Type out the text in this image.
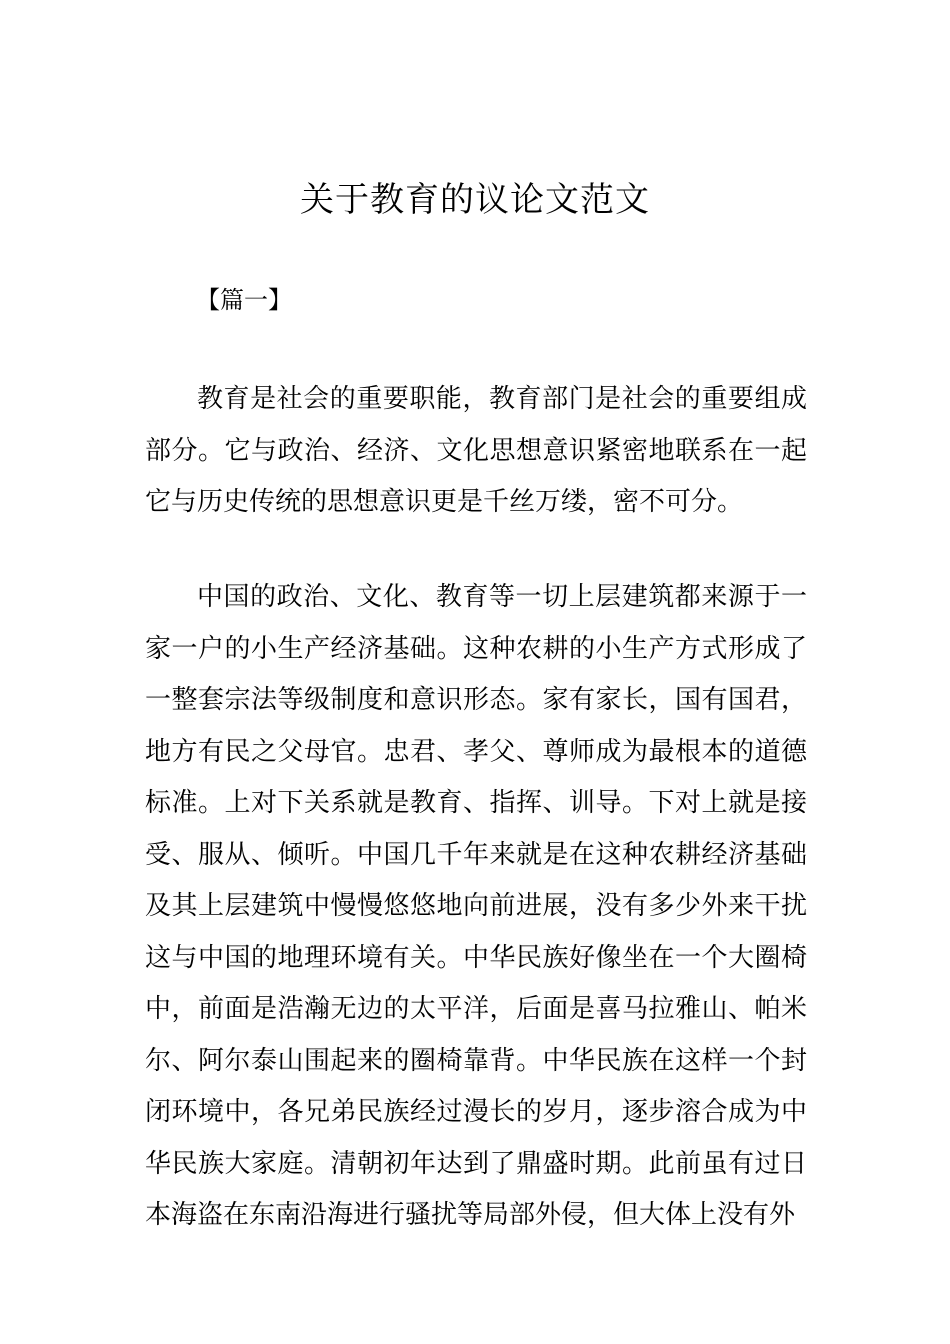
关于教育的议论文范文
【篇一】

教育是社会的重要职能，教育部门是社会的重要组成部分。它与政治、经济、文化思想意识紧密地联系在一起它与历史传统的思想意识更是千丝万缕，密不可分。

中国的政治、文化、教育等一切上层建筑都来源于一家一户的小生产经济基础。这种农耕的小生产方式形成了一整套宗法等级制度和意识形态。家有家长，国有国君，地方有民之父母官。忠君、孝父、尊师成为最根本的道德标准。上对下关系就是教育、指挥、训导。下对上就是接受、服从、倾听。中国几千年来就是在这种农耕经济基础及其上层建筑中慢慢悠悠地向前进展，没有多少外来干扰这与中国的地理环境有关。中华民族好像坐在一个大圈椅中，前面是浩瀚无边的太平洋，后面是喜马拉雅山、帕米尔、阿尔泰山围起来的圈椅靠背。中华民族在这样一个封闭环境中，各兄弟民族经过漫长的岁月，逐步溶合成为中华民族大家庭。清朝初年达到了鼎盛时期。此前虽有过日本海盗在东南沿海进行骚扰等局部外侵，但大体上没有外
